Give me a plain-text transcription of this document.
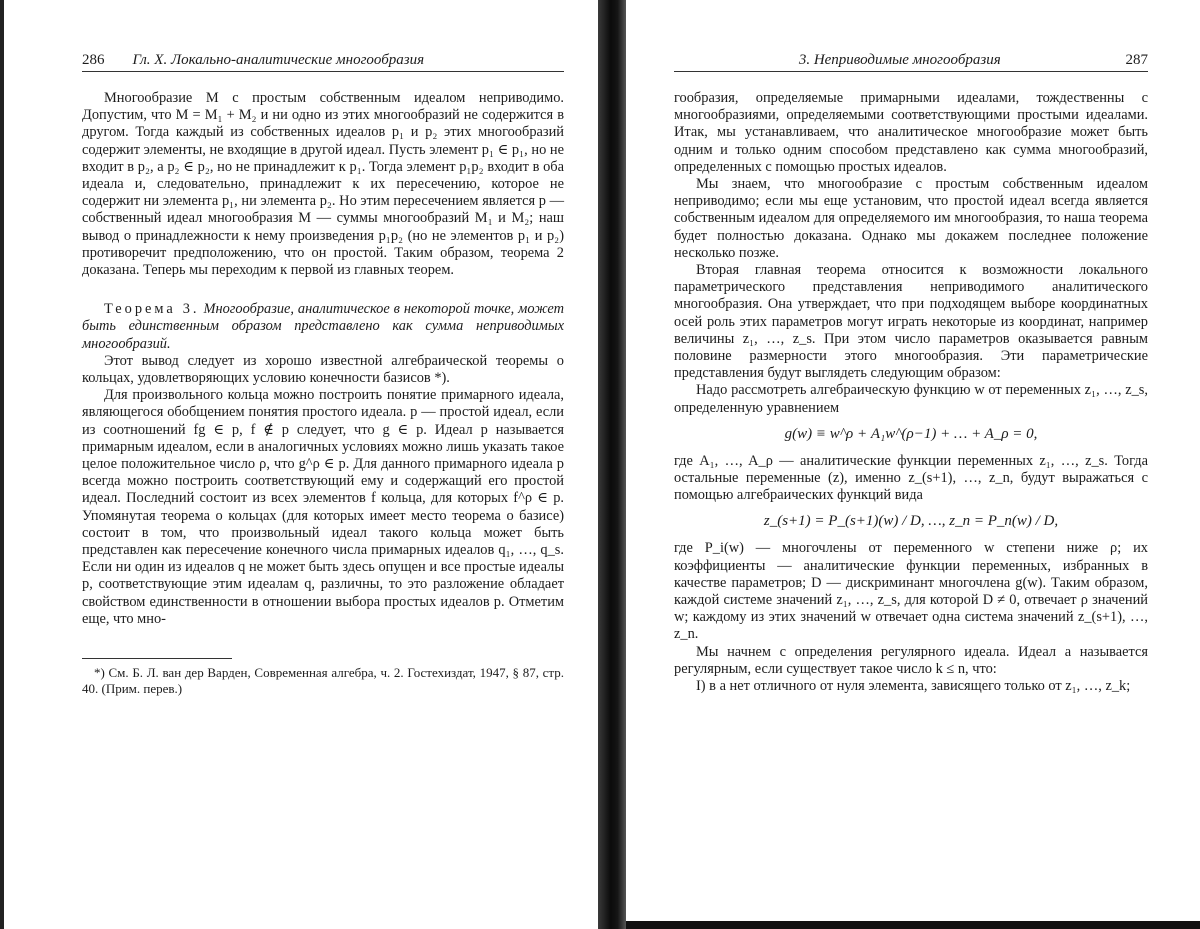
286 Гл. X. Локально-аналитические многообразия

Многообразие M с простым собственным идеалом неприводимо. Допустим, что M = M₁ + M₂ и ни одно из этих многообразий не содержится в другом. Тогда каждый из собственных идеалов p₁ и p₂ этих многообразий содержит элементы, не входящие в другой идеал. Пусть элемент p₁ ∈ p₁, но не входит в p₂, а p₂ ∈ p₂, но не принадлежит к p₁. Тогда элемент p₁p₂ входит в оба идеала и, следовательно, принадлежит к их пересечению, которое не содержит ни элемента p₁, ни элемента p₂. Но этим пересечением является p — собственный идеал многообразия M — суммы многообразий M₁ и M₂; наш вывод о принадлежности к нему произведения p₁p₂ (но не элементов p₁ и p₂) противоречит предположению, что он простой. Таким образом, теорема 2 доказана. Теперь мы переходим к первой из главных теорем.

Теорема 3. Многообразие, аналитическое в некоторой точке, может быть единственным образом представлено как сумма неприводимых многообразий.

Этот вывод следует из хорошо известной алгебраической теоремы о кольцах, удовлетворяющих условию конечности базисов *).

Для произвольного кольца можно построить понятие примарного идеала, являющегося обобщением понятия простого идеала. p — простой идеал, если из соотношений fg ∈ p, f ∉ p следует, что g ∈ p. Идеал p называется примарным идеалом, если в аналогичных условиях можно лишь указать такое целое положительное число ρ, что g^ρ ∈ p. Для данного примарного идеала p всегда можно построить соответствующий ему и содержащий его простой идеал. Последний состоит из всех элементов f кольца, для которых f^ρ ∈ p. Упомянутая теорема о кольцах (для которых имеет место теорема о базисе) состоит в том, что произвольный идеал такого кольца может быть представлен как пересечение конечного числа примарных идеалов q₁, …, q_s. Если ни один из идеалов q не может быть здесь опущен и все простые идеалы p, соответствующие этим идеалам q, различны, то это разложение обладает свойством единственности в отношении выбора простых идеалов p. Отметим еще, что мно-

*) См. Б. Л. ван дер Варден, Современная алгебра, ч. 2. Гостехиздат, 1947, § 87, стр. 40. (Прим. перев.)

3. Неприводимые многообразия	287

гообразия, определяемые примарными идеалами, тождественны с многообразиями, определяемыми соответствующими простыми идеалами. Итак, мы устанавливаем, что аналитическое многообразие может быть одним и только одним способом представлено как сумма многообразий, определенных с помощью простых идеалов.

Мы знаем, что многообразие с простым собственным идеалом неприводимо; если мы еще установим, что простой идеал всегда является собственным идеалом для определяемого им многообразия, то наша теорема будет полностью доказана. Однако мы докажем последнее положение несколько позже.

Вторая главная теорема относится к возможности локального параметрического представления неприводимого аналитического многообразия. Она утверждает, что при подходящем выборе координатных осей роль этих параметров могут играть некоторые из координат, например величины z₁, …, z_s. При этом число параметров оказывается равным половине размерности этого многообразия. Эти параметрические представления будут выглядеть следующим образом:

Надо рассмотреть алгебраическую функцию w от переменных z₁, …, z_s, определенную уравнением

g(w) ≡ w^ρ + A₁w^(ρ−1) + … + A_ρ = 0,

где A₁, …, A_ρ — аналитические функции переменных z₁, …, z_s. Тогда остальные переменные (z), именно z_(s+1), …, z_n, будут выражаться с помощью алгебраических функций вида

z_(s+1) = P_(s+1)(w) / D, …, z_n = P_n(w) / D,

где P_i(w) — многочлены от переменного w степени ниже ρ; их коэффициенты — аналитические функции переменных, избранных в качестве параметров; D — дискриминант многочлена g(w). Таким образом, каждой системе значений z₁, …, z_s, для которой D ≠ 0, отвечает ρ значений w; каждому из этих значений w отвечает одна система значений z_(s+1), …, z_n.

Мы начнем с определения регулярного идеала. Идеал a называется регулярным, если существует такое число k ≤ n, что:

I) в a нет отличного от нуля элемента, зависящего только от z₁, …, z_k;
